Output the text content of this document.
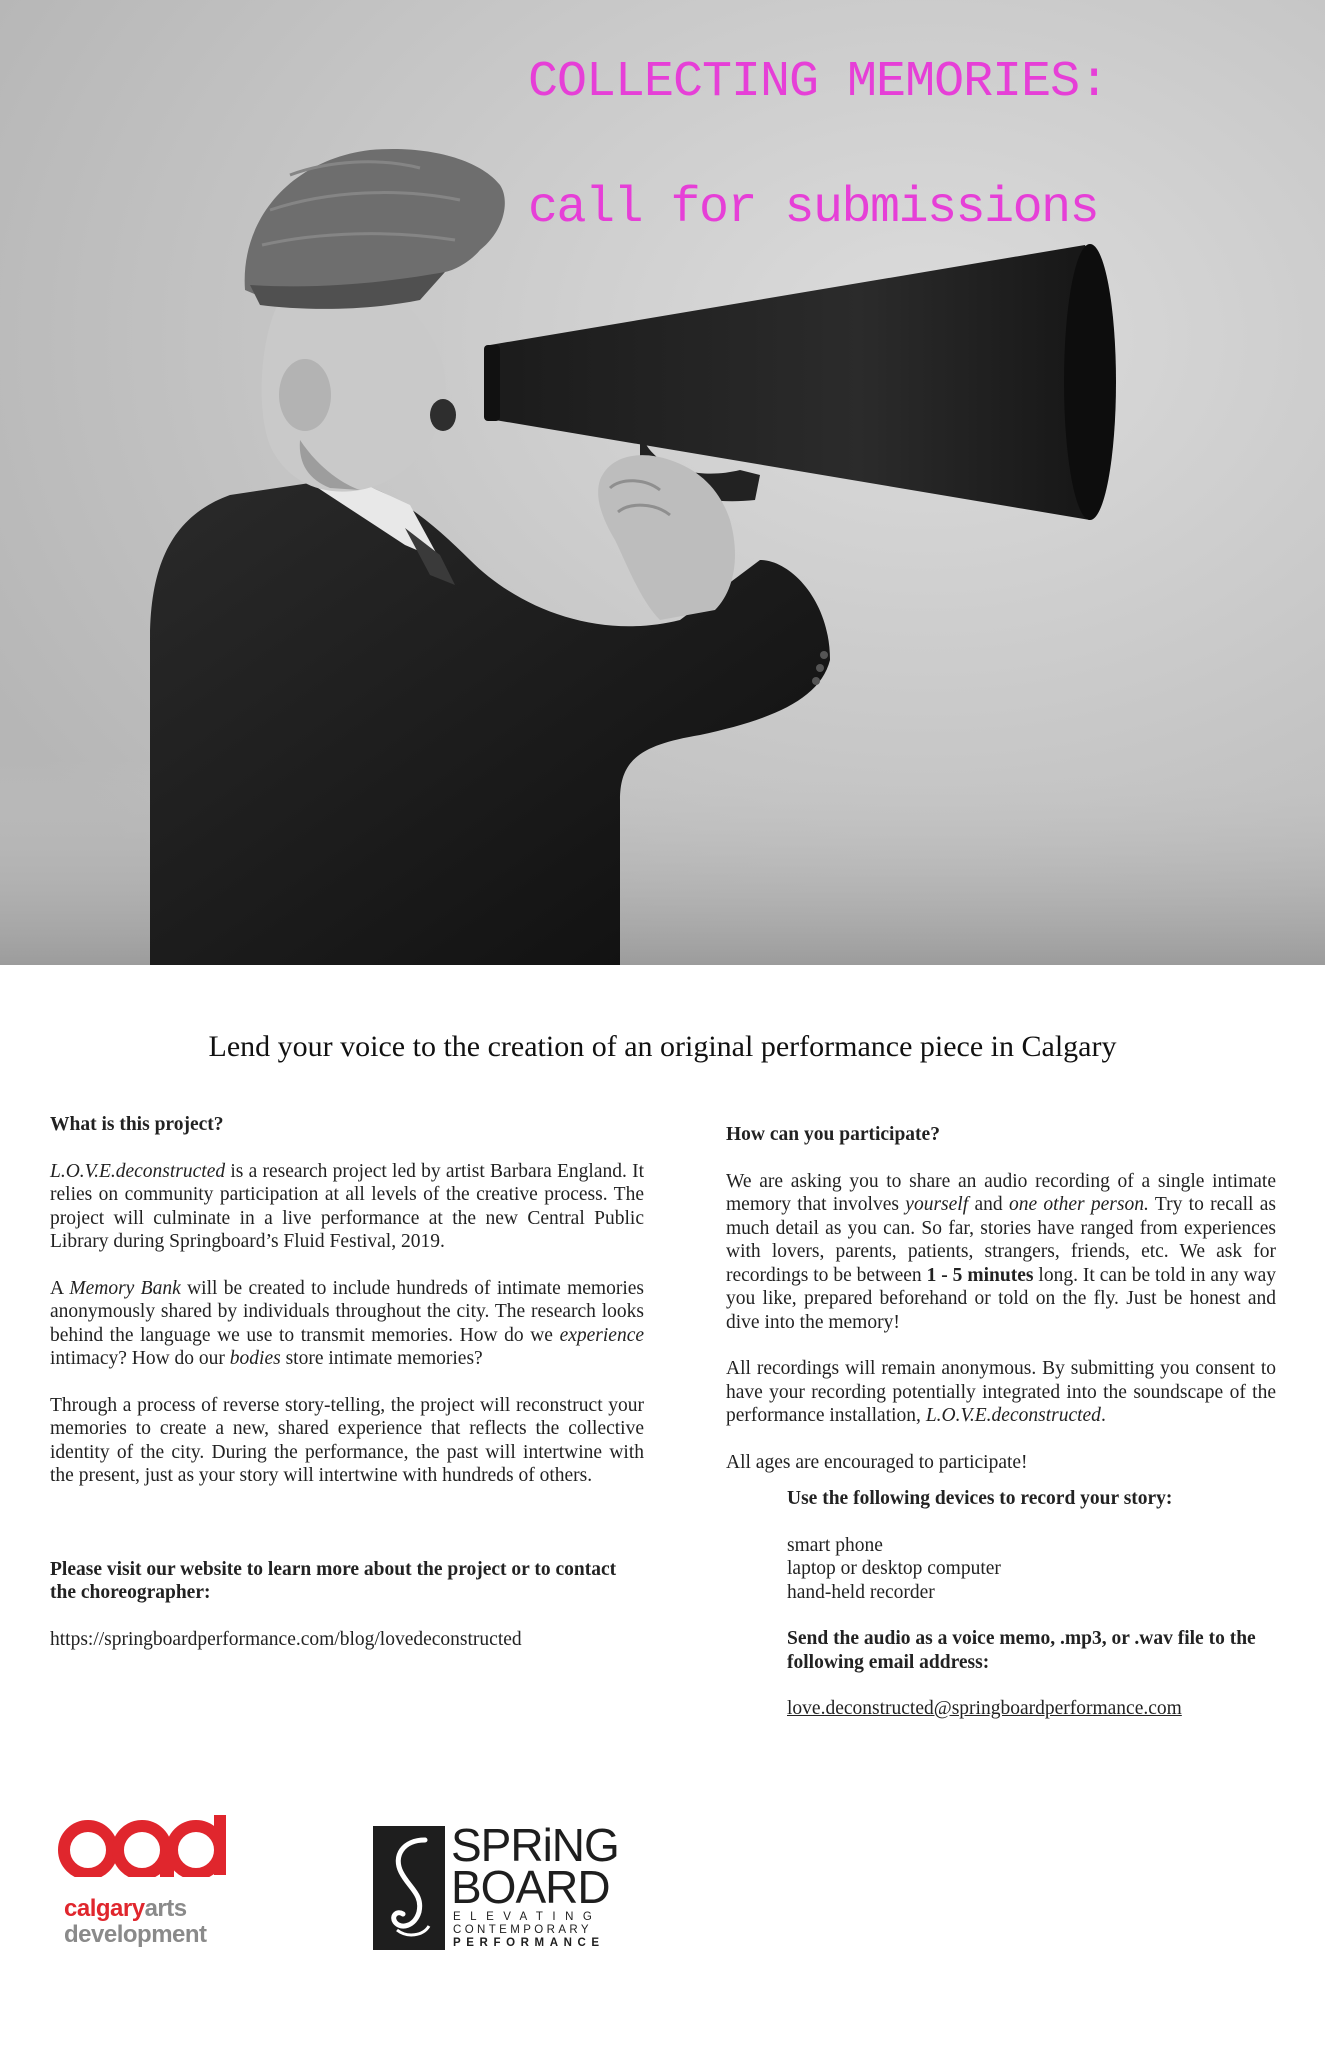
COLLECTING MEMORIES:
call for submissions
Lend your voice to the creation of an original performance piece in Calgary

What is this project?

L.O.V.E.deconstructed is a research project led by artist Barbara England. It relies on community participation at all levels of the creative process. The project will culminate in a live performance at the new Central Public Library during Springboard’s Fluid Festival, 2019.

A Memory Bank will be created to include hundreds of intimate memories anonymously shared by individuals throughout the city. The research looks behind the language we use to transmit memories. How do we experience intimacy? How do our bodies store intimate memories?

Through a process of reverse story-telling, the project will reconstruct your memories to create a new, shared experience that reflects the collective identity of the city. During the performance, the past will intertwine with the present, just as your story will intertwine with hundreds of others.

Please visit our website to learn more about the project or to contact the choreographer:

https://springboardperformance.com/blog/lovedeconstructed

How can you participate?

We are asking you to share an audio recording of a single intimate memory that involves yourself and one other person. Try to recall as much detail as you can. So far, stories have ranged from experiences with lovers, parents, patients, strangers, friends, etc. We ask for recordings to be between 1 - 5 minutes long. It can be told in any way you like, prepared beforehand or told on the fly. Just be honest and dive into the memory!

All recordings will remain anonymous. By submitting you consent to have your recording potentially integrated into the soundscape of the performance installation, L.O.V.E.deconstructed.

All ages are encouraged to participate!

Use the following devices to record your story:

smart phone

laptop or desktop computer

hand-held recorder

Send the audio as a voice memo, .mp3, or .wav file to the following email address:

love.deconstructed@springboardperformance.com

calgaryarts
development
SPRiNG
BOARD
ELEVATING
CONTEMPORARY
PERFORMANCE
